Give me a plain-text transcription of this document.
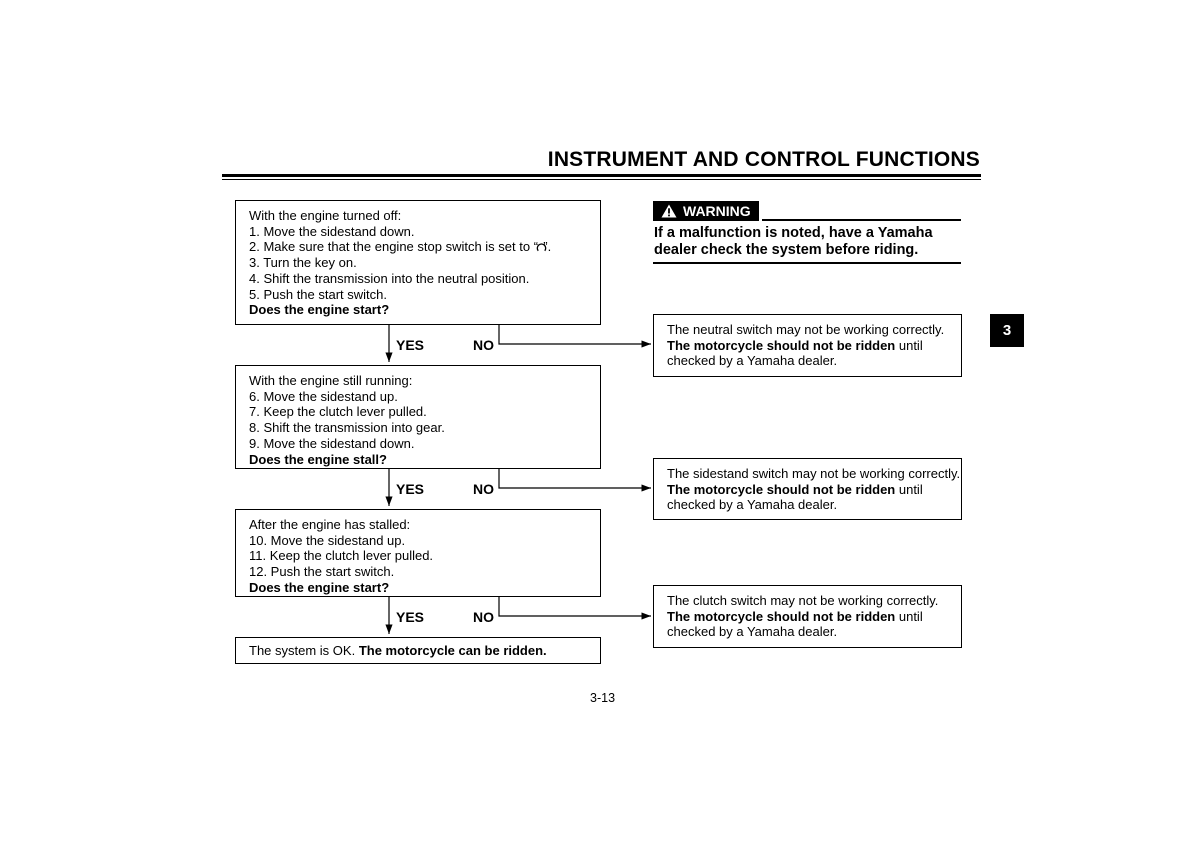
INSTRUMENT AND CONTROL FUNCTIONS
With the engine turned off:
1. Move the sidestand down.
2. Make sure that the engine stop switch is set to “  ”.
3. Turn the key on.
4. Shift the transmission into the neutral position.
5. Push the start switch.
Does the engine start?
YES	NO
With the engine still running:
6. Move the sidestand up.
7. Keep the clutch lever pulled.
8. Shift the transmission into gear.
9. Move the sidestand down.
Does the engine stall?
YES	NO
After the engine has stalled:
10. Move the sidestand up.
11. Keep the clutch lever pulled.
12. Push the start switch.
Does the engine start?
YES	NO
The system is OK. The motorcycle can be ridden.
The neutral switch may not be working correctly.
The motorcycle should not be ridden until
checked by a Yamaha dealer.
The sidestand switch may not be working correctly.
The motorcycle should not be ridden until
checked by a Yamaha dealer.
The clutch switch may not be working correctly.
The motorcycle should not be ridden until
checked by a Yamaha dealer.
WARNING
If a malfunction is noted, have a Yamaha
dealer check the system before riding.
3
3-13
